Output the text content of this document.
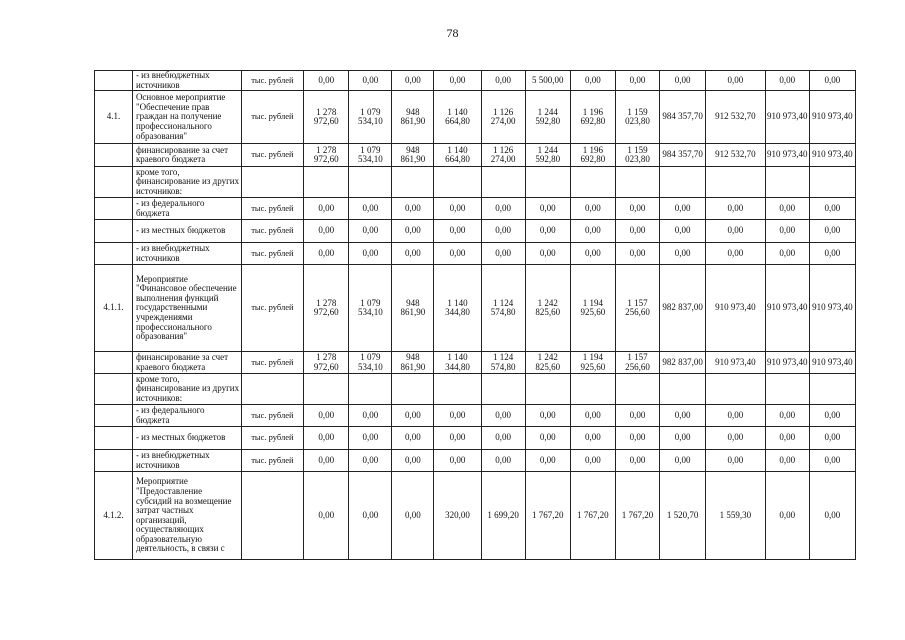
78
	- из внебюджетных источников	тыс. рублей	0,00	0,00	0,00	0,00	0,00	5 500,00	0,00	0,00	0,00	0,00	0,00	0,00
4.1.	Основное мероприятие "Обеспечение прав граждан на получение профессионального образования"	тыс. рублей	1 278 972,60	1 079 534,10	948 861,90	1 140 664,80	1 126 274,00	1 244 592,80	1 196 692,80	1 159 023,80	984 357,70	912 532,70	910 973,40	910 973,40
	финансирование за счет краевого бюджета	тыс. рублей	1 278 972,60	1 079 534,10	948 861,90	1 140 664,80	1 126 274,00	1 244 592,80	1 196 692,80	1 159 023,80	984 357,70	912 532,70	910 973,40	910 973,40
	кроме того, финансирование из других источников:													
	- из федерального бюджета	тыс. рублей	0,00	0,00	0,00	0,00	0,00	0,00	0,00	0,00	0,00	0,00	0,00	0,00
	- из местных бюджетов	тыс. рублей	0,00	0,00	0,00	0,00	0,00	0,00	0,00	0,00	0,00	0,00	0,00	0,00
	- из внебюджетных источников	тыс. рублей	0,00	0,00	0,00	0,00	0,00	0,00	0,00	0,00	0,00	0,00	0,00	0,00
4.1.1.	Мероприятие "Финансовое обеспечение выполнения функций государственными учреждениями профессионального образования"	тыс. рублей	1 278 972,60	1 079 534,10	948 861,90	1 140 344,80	1 124 574,80	1 242 825,60	1 194 925,60	1 157 256,60	982 837,00	910 973,40	910 973,40	910 973,40
	финансирование за счет краевого бюджета	тыс. рублей	1 278 972,60	1 079 534,10	948 861,90	1 140 344,80	1 124 574,80	1 242 825,60	1 194 925,60	1 157 256,60	982 837,00	910 973,40	910 973,40	910 973,40
	кроме того, финансирование из других источников:													
	- из федерального бюджета	тыс. рублей	0,00	0,00	0,00	0,00	0,00	0,00	0,00	0,00	0,00	0,00	0,00	0,00
	- из местных бюджетов	тыс. рублей	0,00	0,00	0,00	0,00	0,00	0,00	0,00	0,00	0,00	0,00	0,00	0,00
	- из внебюджетных источников	тыс. рублей	0,00	0,00	0,00	0,00	0,00	0,00	0,00	0,00	0,00	0,00	0,00	0,00
4.1.2.	Мероприятие "Предоставление субсидий на возмещение затрат частных организаций, осуществляющих образовательную деятельность, в связи с		0,00	0,00	0,00	320,00	1 699,20	1 767,20	1 767,20	1 767,20	1 520,70	1 559,30	0,00	0,00
